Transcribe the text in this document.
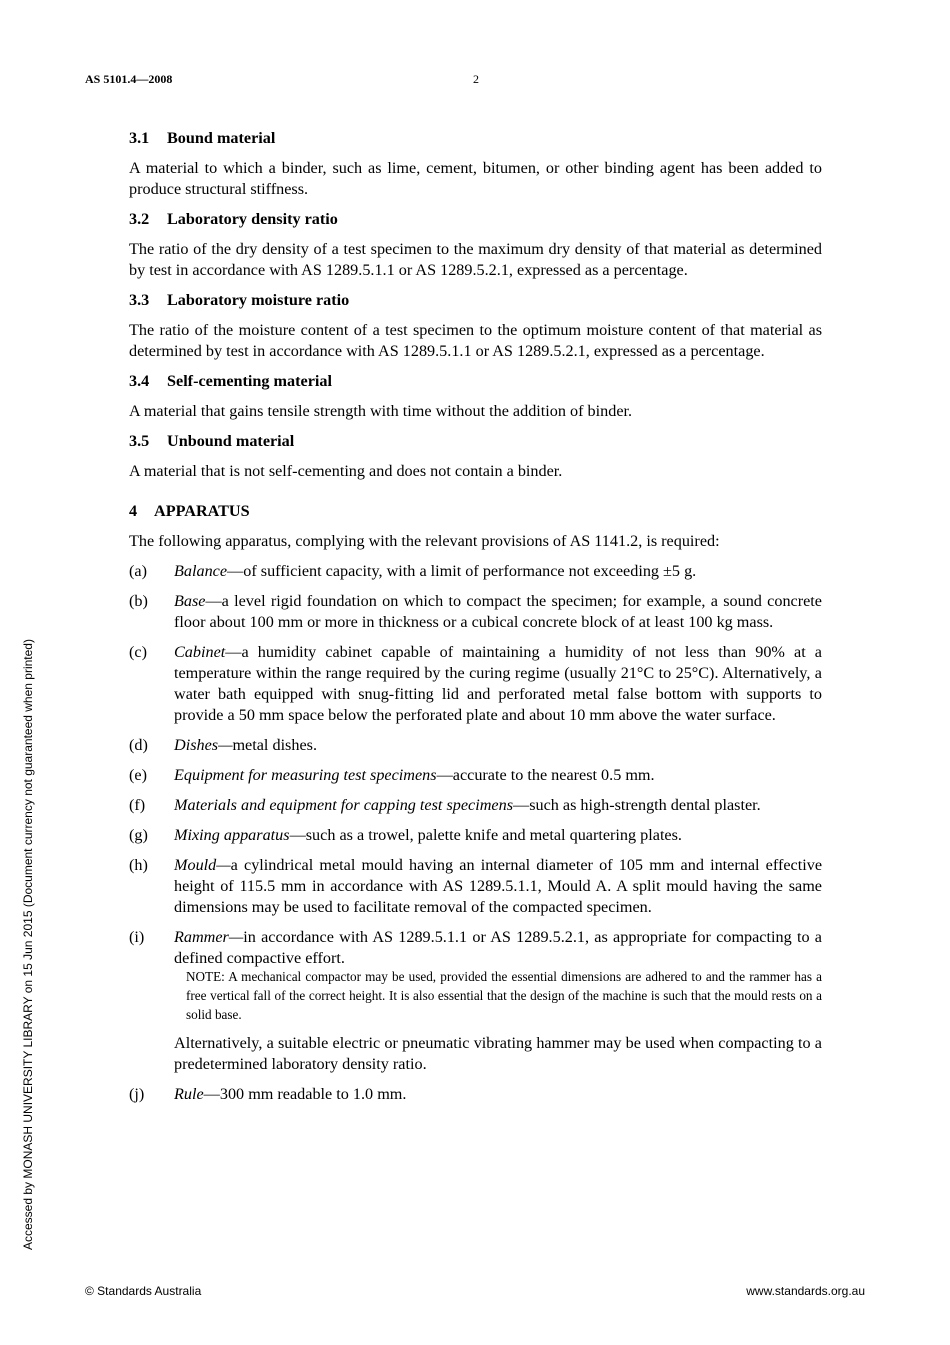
AS 5101.4—2008	2
Accessed by MONASH UNIVERSITY LIBRARY on 15 Jun 2015 (Document currency not guaranteed when printed)
3.1 Bound material
A material to which a binder, such as lime, cement, bitumen, or other binding agent has been added to produce structural stiffness.
3.2 Laboratory density ratio
The ratio of the dry density of a test specimen to the maximum dry density of that material as determined by test in accordance with AS 1289.5.1.1 or AS 1289.5.2.1, expressed as a percentage.
3.3 Laboratory moisture ratio
The ratio of the moisture content of a test specimen to the optimum moisture content of that material as determined by test in accordance with AS 1289.5.1.1 or AS 1289.5.2.1, expressed as a percentage.
3.4 Self-cementing material
A material that gains tensile strength with time without the addition of binder.
3.5 Unbound material
A material that is not self-cementing and does not contain a binder.
4 APPARATUS
The following apparatus, complying with the relevant provisions of AS 1141.2, is required:
(a) Balance—of sufficient capacity, with a limit of performance not exceeding ±5 g.
(b) Base—a level rigid foundation on which to compact the specimen; for example, a sound concrete floor about 100 mm or more in thickness or a cubical concrete block of at least 100 kg mass.
(c) Cabinet—a humidity cabinet capable of maintaining a humidity of not less than 90% at a temperature within the range required by the curing regime (usually 21°C to 25°C). Alternatively, a water bath equipped with snug-fitting lid and perforated metal false bottom with supports to provide a 50 mm space below the perforated plate and about 10 mm above the water surface.
(d) Dishes—metal dishes.
(e) Equipment for measuring test specimens—accurate to the nearest 0.5 mm.
(f) Materials and equipment for capping test specimens—such as high-strength dental plaster.
(g) Mixing apparatus—such as a trowel, palette knife and metal quartering plates.
(h) Mould—a cylindrical metal mould having an internal diameter of 105 mm and internal effective height of 115.5 mm in accordance with AS 1289.5.1.1, Mould A. A split mould having the same dimensions may be used to facilitate removal of the compacted specimen.
(i) Rammer—in accordance with AS 1289.5.1.1 or AS 1289.5.2.1, as appropriate for compacting to a defined compactive effort.
NOTE: A mechanical compactor may be used, provided the essential dimensions are adhered to and the rammer has a free vertical fall of the correct height. It is also essential that the design of the machine is such that the mould rests on a solid base.
Alternatively, a suitable electric or pneumatic vibrating hammer may be used when compacting to a predetermined laboratory density ratio.
(j) Rule—300 mm readable to 1.0 mm.
© Standards Australia	www.standards.org.au
